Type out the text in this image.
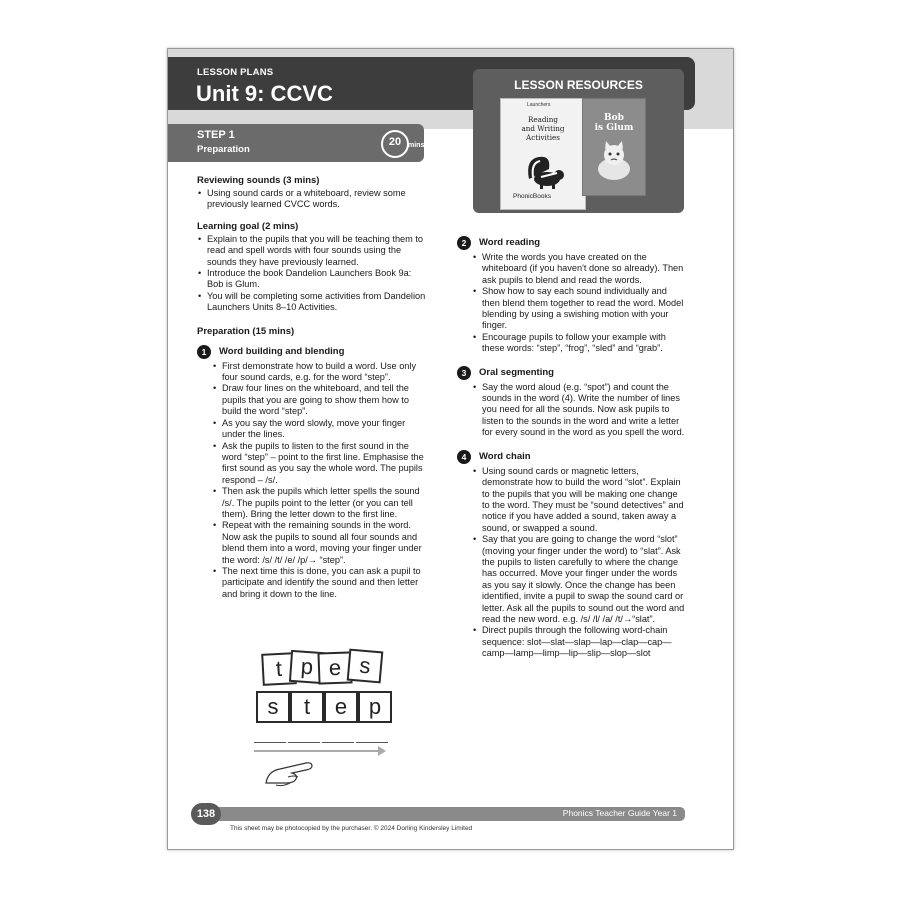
LESSON PLANS
Unit 9: CCVC	LESSON RESOURCES
Launchers
Reading
and Writing
Activities
PhonicBooks
Bob
is Glum
STEP 1
Preparation
20 mins
Reviewing sounds (3 mins)
• Using sound cards or a whiteboard, review some previously learned CVCC words.
Learning goal (2 mins)
• Explain to the pupils that you will be teaching them to read and spell words with four sounds using the sounds they have previously learned.
• Introduce the book Dandelion Launchers Book 9a: Bob is Glum.
• You will be completing some activities from Dandelion Launchers Units 8–10 Activities.
Preparation (15 mins)
1	Word building and blending
• First demonstrate how to build a word. Use only four sound cards, e.g. for the word “step”.
• Draw four lines on the whiteboard, and tell the pupils that you are going to show them how to build the word “step”.
• As you say the word slowly, move your finger under the lines.
• Ask the pupils to listen to the first sound in the word “step” – point to the first line. Emphasise the first sound as you say the whole word. The pupils respond – /s/.
• Then ask the pupils which letter spells the sound /s/. The pupils point to the letter (or you can tell them). Bring the letter down to the first line.
• Repeat with the remaining sounds in the word. Now ask the pupils to sound all four sounds and blend them into a word, moving your finger under the word: /s/ /t/ /e/ /p/→ “step”.
• The next time this is done, you can ask a pupil to participate and identify the sound and then letter and bring it down to the line.
t p e s
s	t	e p
2	Word reading
• Write the words you have created on the whiteboard (if you haven't done so already). Then ask pupils to blend and read the words.
• Show how to say each sound individually and then blend them together to read the word. Model blending by using a swishing motion with your finger.
• Encourage pupils to follow your example with these words: “step”, “frog”, “sled” and “grab”.
3	Oral segmenting
• Say the word aloud (e.g. “spot”) and count the sounds in the word (4). Write the number of lines you need for all the sounds. Now ask pupils to listen to the sounds in the word and write a letter for every sound in the word as you spell the word.
4	Word chain
• Using sound cards or magnetic letters, demonstrate how to build the word “slot”. Explain to the pupils that you will be making one change to the word. They must be “sound detectives” and notice if you have added a sound, taken away a sound, or swapped a sound.
• Say that you are going to change the word “slot” (moving your finger under the word) to “slat”. Ask the pupils to listen carefully to where the change has occurred. Move your finger under the words as you say it slowly. Once the change has been identified, invite a pupil to swap the sound card or letter. Ask all the pupils to sound out the word and read the new word. e.g. /s/ /l/ /a/ /t/→“slat”.
• Direct pupils through the following word-chain sequence: slot—slat—slap—lap—clap—cap—camp—lamp—limp—lip—slip—slop—slot
Phonics Teacher Guide Year 1
138
This sheet may be photocopied by the purchaser. © 2024 Dorling Kindersley Limited
